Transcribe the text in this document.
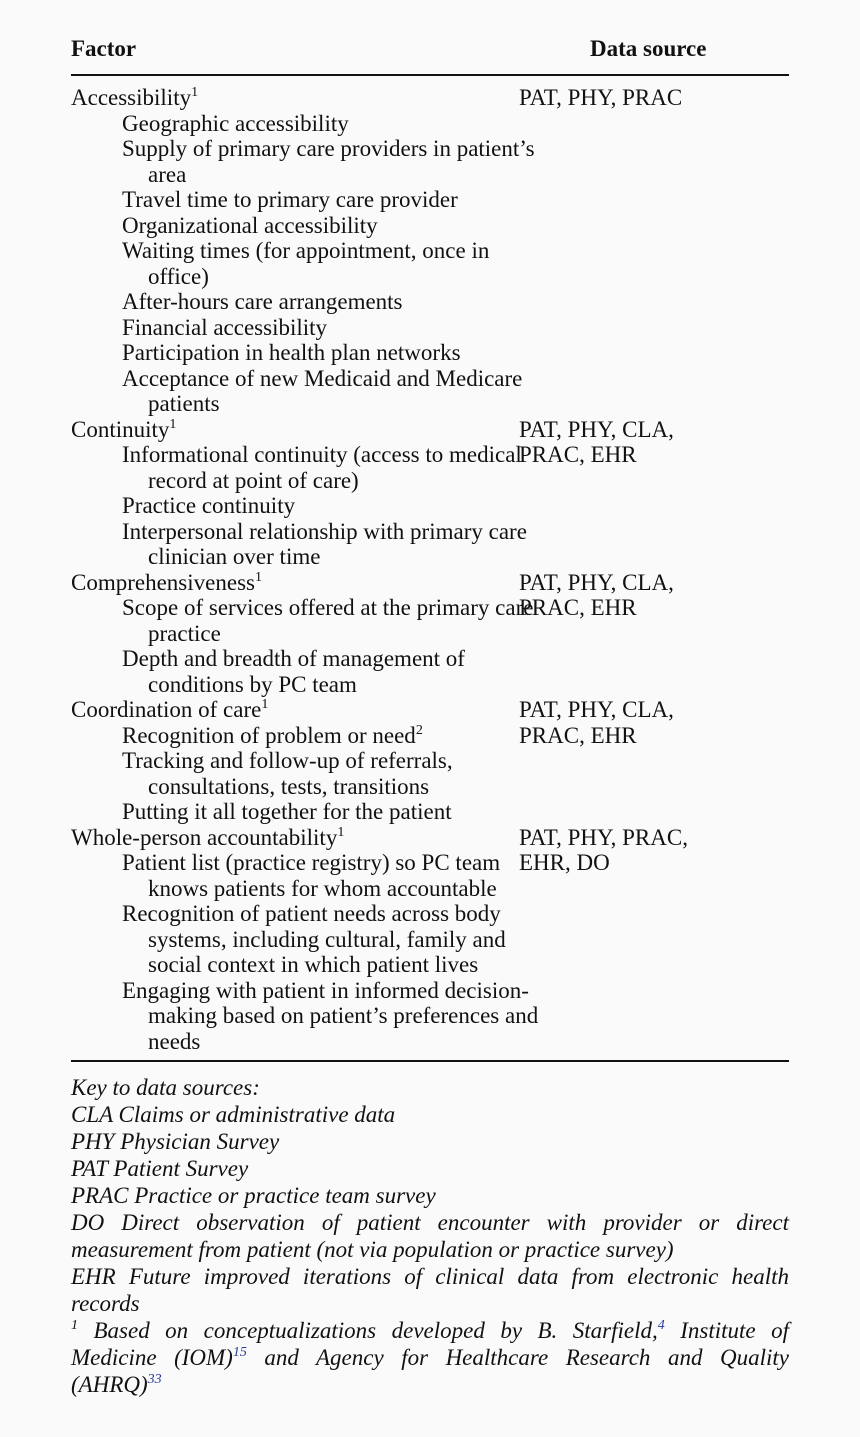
Factor	Data source
Accessibility$^1$
Geographic accessibility
Supply of primary care providers in patient’s area
Travel time to primary care provider
Organizational accessibility
Waiting times (for appointment, once in office)
After-hours care arrangements
Financial accessibility
Participation in health plan networks
Acceptance of new Medicaid and Medicare patients
PAT, PHY, PRAC
Continuity$^1$
Informational continuity (access to medical record at point of care)
Practice continuity
Interpersonal relationship with primary care clinician over time
PAT, PHY, CLA,
PRAC, EHR
Comprehensiveness$^1$
Scope of services offered at the primary care practice
Depth and breadth of management of conditions by PC team
PAT, PHY, CLA,
PRAC, EHR
Coordination of care$^1$
Recognition of problem or need$^2$
Tracking and follow-up of referrals, consultations, tests, transitions
Putting it all together for the patient
PAT, PHY, CLA,
PRAC, EHR
Whole-person accountability$^1$
Patient list (practice registry) so PC team knows patients for whom accountable
Recognition of patient needs across body systems, including cultural, family and social context in which patient lives
Engaging with patient in informed decision-making based on patient’s preferences and needs
PAT, PHY, PRAC,
EHR, DO

Key to data sources:

CLA Claims or administrative data

PHY Physician Survey

PAT Patient Survey

PRAC Practice or practice team survey

DO Direct observation of patient encounter with provider or direct measurement from patient (not via population or practice survey)

EHR Future improved iterations of clinical data from electronic health records

$^1$ Based on conceptualizations developed by B. Starfield,$^4$ Institute of Medicine (IOM)$^{15}$ and Agency for Healthcare Research and Quality (AHRQ)$^{33}$
